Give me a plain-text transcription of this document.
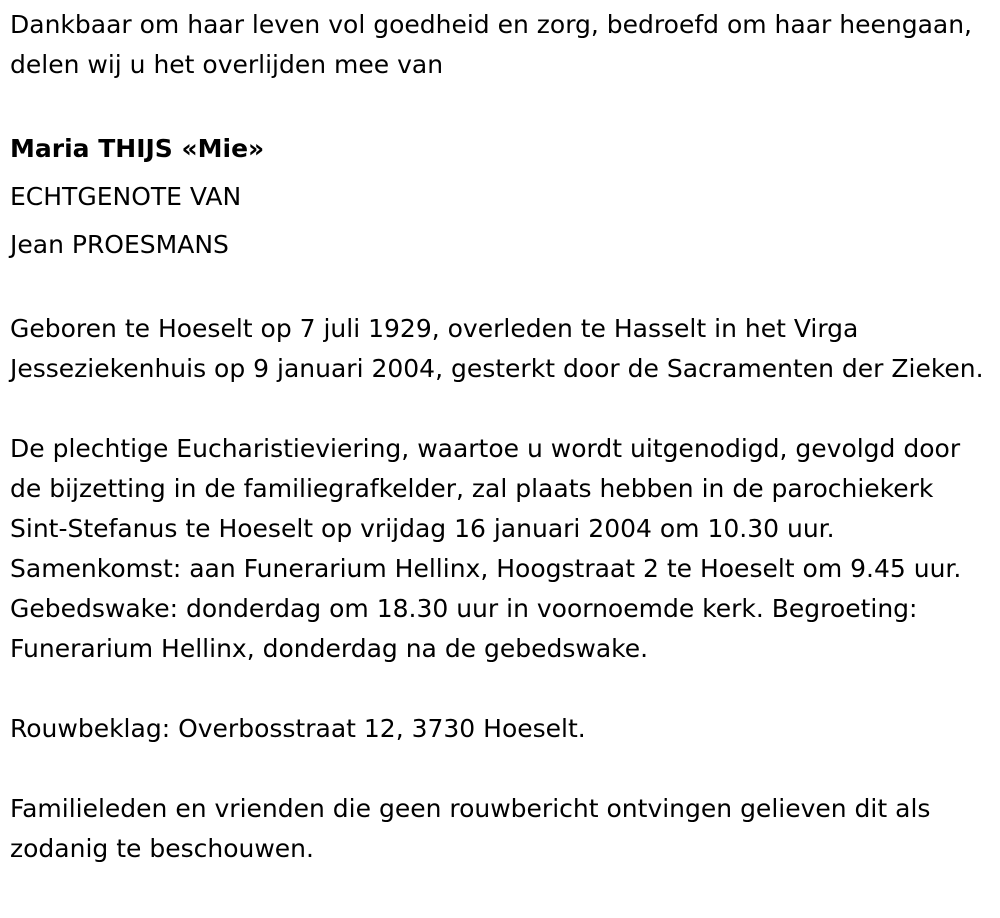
Dankbaar om haar leven vol goedheid en zorg, bedroefd om haar heengaan, delen wij u het overlijden mee van

Maria THIJS «Mie»

ECHTGENOTE VAN

Jean PROESMANS

Geboren te Hoeselt op 7 juli 1929, overleden te Hasselt in het Virga Jesseziekenhuis op 9 januari 2004, gesterkt door de Sacramenten der Zieken.

De plechtige Eucharistieviering, waartoe u wordt uitgenodigd, gevolgd door de bijzetting in de familiegrafkelder, zal plaats hebben in de parochiekerk Sint-Stefanus te Hoeselt op vrijdag 16 januari 2004 om 10.30 uur. Samenkomst: aan Funerarium Hellinx, Hoogstraat 2 te Hoeselt om 9.45 uur. Gebedswake: donderdag om 18.30 uur in voornoemde kerk. Begroeting: Funerarium Hellinx, donderdag na de gebedswake.

Rouwbeklag: Overbosstraat 12, 3730 Hoeselt.

Familieleden en vrienden die geen rouwbericht ontvingen gelieven dit als zodanig te beschouwen.
